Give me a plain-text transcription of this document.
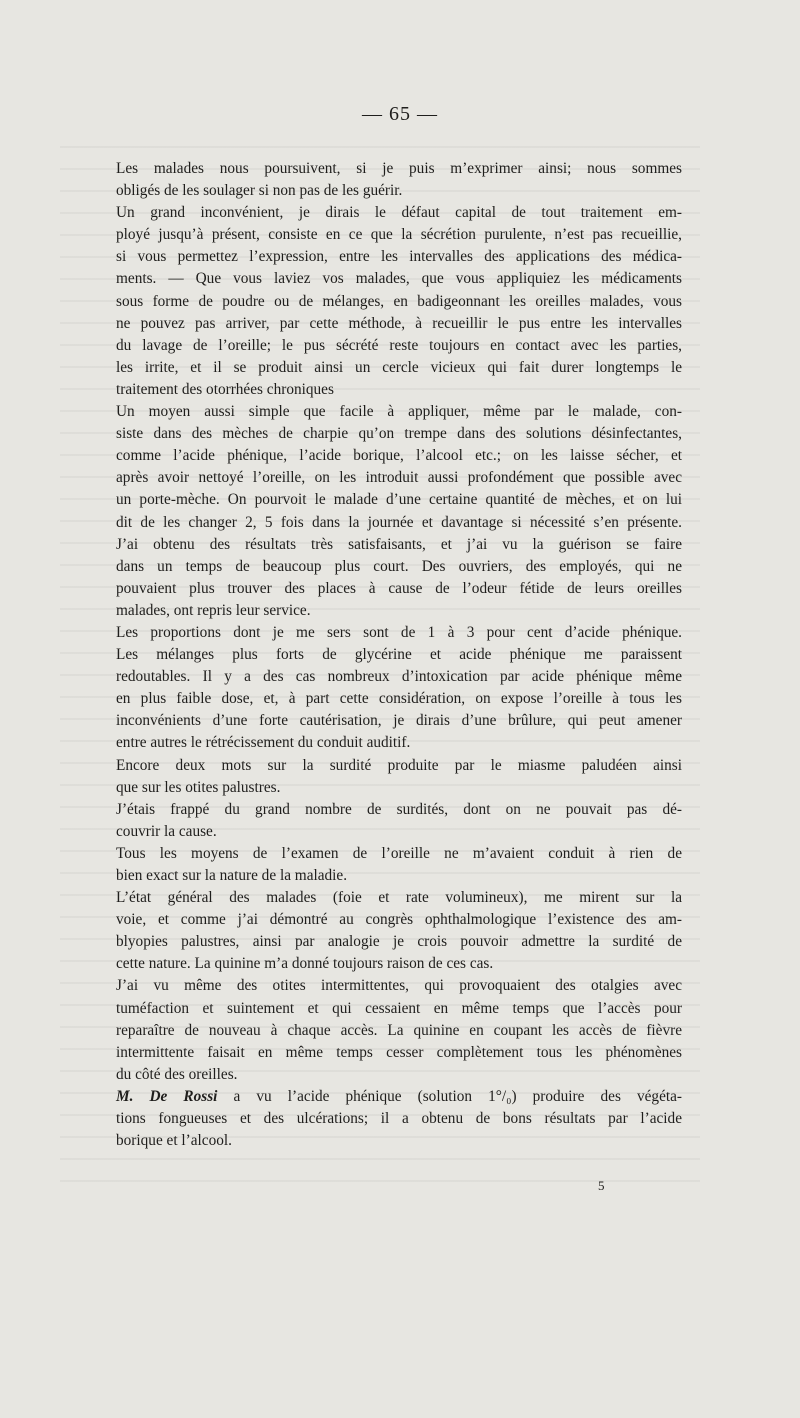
— 65 —
Les malades nous poursuivent, si je puis m’exprimer ainsi; nous sommes
obligés de les soulager si non pas de les guérir.
Un grand inconvénient, je dirais le défaut capital de tout traitement em-
ployé jusqu’à présent, consiste en ce que la sécrétion purulente, n’est pas recueillie,
si vous permettez l’expression, entre les intervalles des applications des médica-
ments. — Que vous laviez vos malades, que vous appliquiez les médicaments
sous forme de poudre ou de mélanges, en badigeonnant les oreilles malades, vous
ne pouvez pas arriver, par cette méthode, à recueillir le pus entre les intervalles
du lavage de l’oreille; le pus sécrété reste toujours en contact avec les parties,
les irrite, et il se produit ainsi un cercle vicieux qui fait durer longtemps le
traitement des otorrhées chroniques
Un moyen aussi simple que facile à appliquer, même par le malade, con-
siste dans des mèches de charpie qu’on trempe dans des solutions désinfectantes,
comme l’acide phénique, l’acide borique, l’alcool etc.; on les laisse sécher, et
après avoir nettoyé l’oreille, on les introduit aussi profondément que possible avec
un porte-mèche. On pourvoit le malade d’une certaine quantité de mèches, et on lui
dit de les changer 2, 5 fois dans la journée et davantage si nécessité s’en présente.
J’ai obtenu des résultats très satisfaisants, et j’ai vu la guérison se faire
dans un temps de beaucoup plus court. Des ouvriers, des employés, qui ne
pouvaient plus trouver des places à cause de l’odeur fétide de leurs oreilles
malades, ont repris leur service.
Les proportions dont je me sers sont de 1 à 3 pour cent d’acide phénique.
Les mélanges plus forts de glycérine et acide phénique me paraissent
redoutables. Il y a des cas nombreux d’intoxication par acide phénique même
en plus faible dose, et, à part cette considération, on expose l’oreille à tous les
inconvénients d’une forte cautérisation, je dirais d’une brûlure, qui peut amener
entre autres le rétrécissement du conduit auditif.
Encore deux mots sur la surdité produite par le miasme paludéen ainsi
que sur les otites palustres.
J’étais frappé du grand nombre de surdités, dont on ne pouvait pas dé-
couvrir la cause.
Tous les moyens de l’examen de l’oreille ne m’avaient conduit à rien de
bien exact sur la nature de la maladie.
L’état général des malades (foie et rate volumineux), me mirent sur la
voie, et comme j’ai démontré au congrès ophthalmologique l’existence des am-
blyopies palustres, ainsi par analogie je crois pouvoir admettre la surdité de
cette nature. La quinine m’a donné toujours raison de ces cas.
J’ai vu même des otites intermittentes, qui provoquaient des otalgies avec
tuméfaction et suintement et qui cessaient en même temps que l’accès pour
reparaître de nouveau à chaque accès. La quinine en coupant les accès de fièvre
intermittente faisait en même temps cesser complètement tous les phénomènes
du côté des oreilles.
M. De Rossi a vu l’acide phénique (solution 1°/₀) produire des végéta-
tions fongueuses et des ulcérations; il a obtenu de bons résultats par l’acide
borique et l’alcool.
5
